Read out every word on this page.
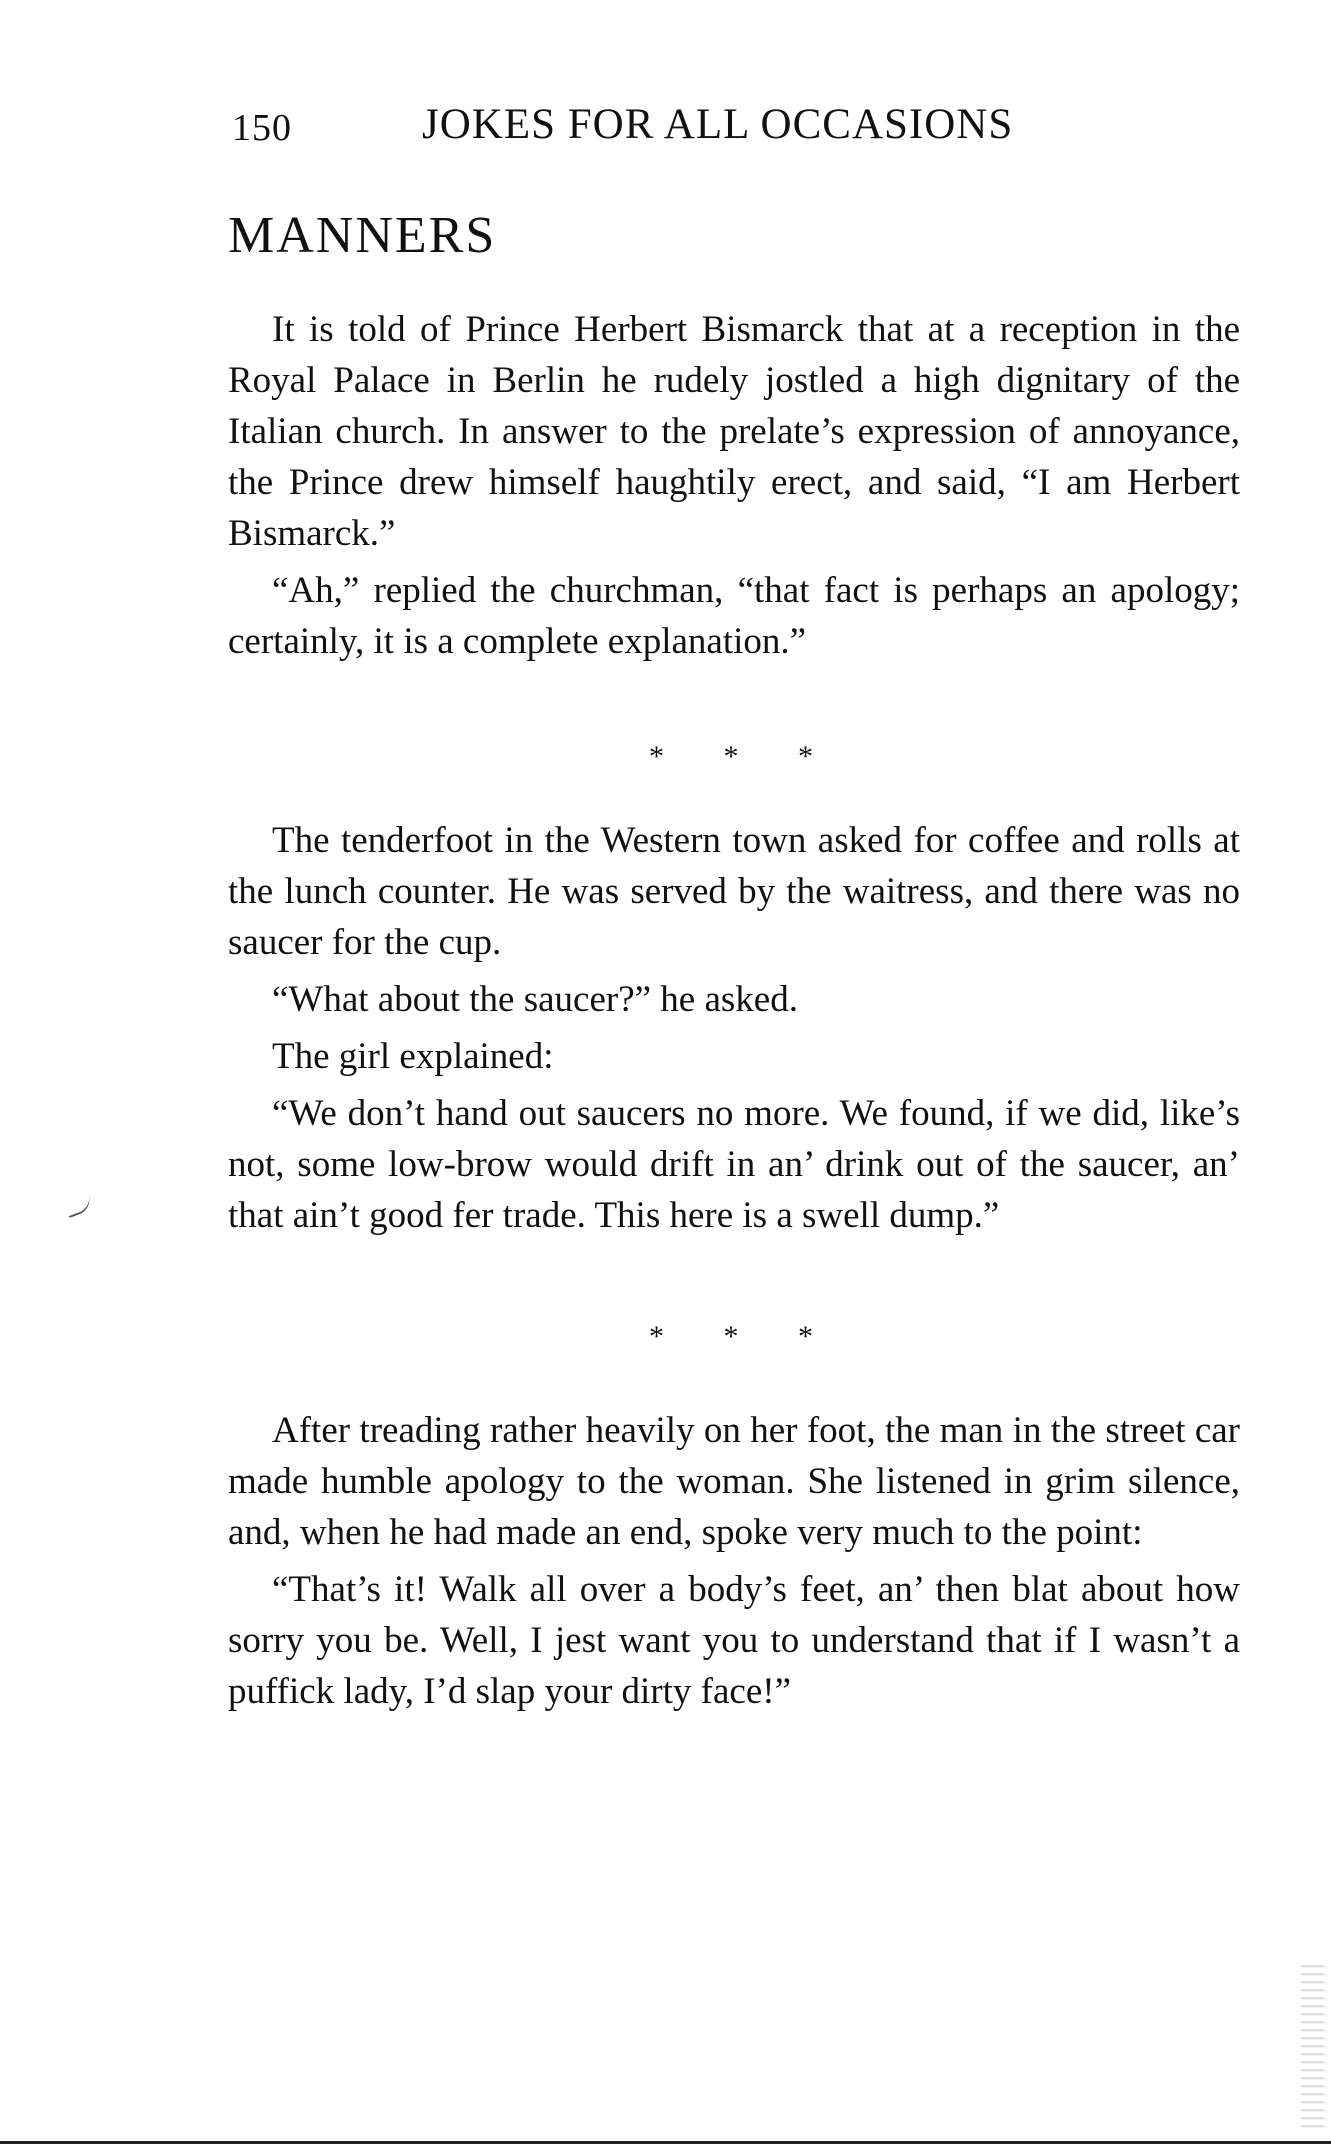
150	JOKES FOR ALL OCCASIONS
MANNERS

It is told of Prince Herbert Bismarck that at a reception in the Royal Palace in Berlin he rudely jostled a high dignitary of the Italian church. In answer to the prelate’s expression of annoyance, the Prince drew himself haughtily erect, and said, “I am Herbert Bismarck.”

“Ah,” replied the churchman, “that fact is perhaps an apology; certainly, it is a complete explanation.”

* * *

The tenderfoot in the Western town asked for coffee and rolls at the lunch counter. He was served by the waitress, and there was no saucer for the cup.

“What about the saucer?” he asked.

The girl explained:

“We don’t hand out saucers no more. We found, if we did, like’s not, some low-brow would drift in an’ drink out of the saucer, an’ that ain’t good fer trade. This here is a swell dump.”

* * *

After treading rather heavily on her foot, the man in the street car made humble apology to the woman. She listened in grim silence, and, when he had made an end, spoke very much to the point:

“That’s it! Walk all over a body’s feet, an’ then blat about how sorry you be. Well, I jest want you to understand that if I wasn’t a puffick lady, I’d slap your dirty face!”
